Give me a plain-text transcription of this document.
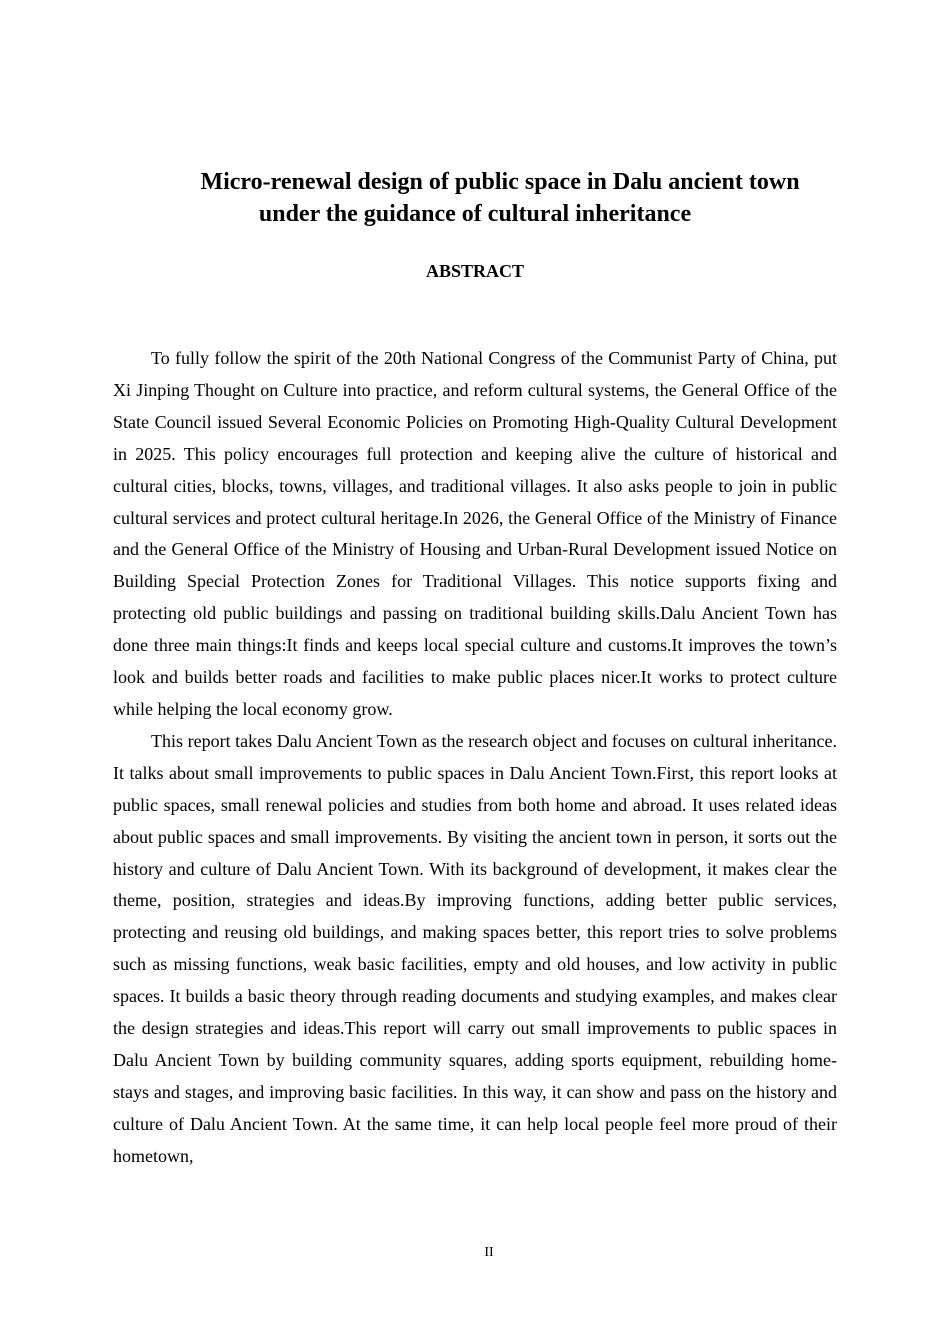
Micro-renewal design of public space in Dalu ancient town
under the guidance of cultural inheritance
ABSTRACT

To fully follow the spirit of the 20th National Congress of the Communist Party of China, put Xi Jinping Thought on Culture into practice, and reform cultural systems, the General Office of the State Council issued Several Economic Policies on Promoting High-Quality Cultural Development in 2025. This policy encourages full protection and keeping alive the culture of historical and cultural cities, blocks, towns, villages, and traditional villages. It also asks people to join in public cultural services and protect cultural heritage.In 2026, the General Office of the Ministry of Finance and the General Office of the Ministry of Housing and Urban-Rural Development issued Notice on Building Special Protection Zones for Traditional Villages. This notice supports fixing and protecting old public buildings and passing on traditional building skills.Dalu Ancient Town has done three main things:It finds and keeps local special culture and customs.It improves the town’s look and builds better roads and facilities to make public places nicer.It works to protect culture while helping the local economy grow.

This report takes Dalu Ancient Town as the research object and focuses on cultural inheritance. It talks about small improvements to public spaces in Dalu Ancient Town.First, this report looks at public spaces, small renewal policies and studies from both home and abroad. It uses related ideas about public spaces and small improvements. By visiting the ancient town in person, it sorts out the history and culture of Dalu Ancient Town. With its background of development, it makes clear the theme, position, strategies and ideas.By improving functions, adding better public services, protecting and reusing old buildings, and making spaces better, this report tries to solve problems such as missing functions, weak basic facilities, empty and old houses, and low activity in public spaces. It builds a basic theory through reading documents and studying examples, and makes clear the design strategies and ideas.This report will carry out small improvements to public spaces in Dalu Ancient Town by building community squares, adding sports equipment, rebuilding home-stays and stages, and improving basic facilities. In this way, it can show and pass on the history and culture of Dalu Ancient Town. At the same time, it can help local people feel more proud of their hometown,

II
